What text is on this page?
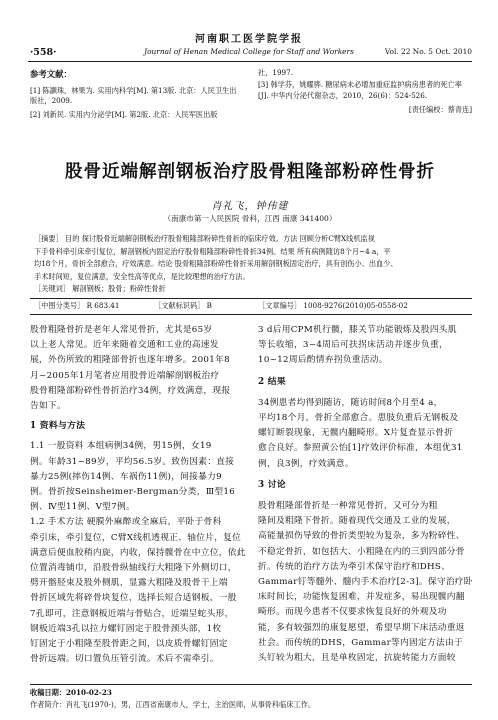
河南职工医学院学报
·558·	Journal of Henan Medical College for Staff and Workers	Vol. 22 No. 5 Oct. 2010
参考文献：
[1] 陈灏珠，林果为. 实用内科学[M]. 第13版. 北京：人民卫生出
版社，2009.
[2] 刘新民. 实用内分泌学[M]. 第2版. 北京：人民军医出版
社，1997.
[3] 韩学芬，姚耀骅. 糖尿病未必增加重症监护病房患者的死亡率
[J]. 中华内分泌代谢杂志，2010，26(6)：524-526.
[责任编校：蔡青连]
股骨近端解剖钢板治疗股骨粗隆部粉碎性骨折
肖礼飞，钟伟建
（南康市第一人民医院 骨科，江西 南康 341400）
［摘要］ 目的 探讨股骨近端解剖钢板治疗股骨粗隆部粉碎性骨折的临床疗效。方法 回顾分析C臂X线机监视
下手骨科牵引床牵引复位，解剖钢板内固定治疗股骨粗隆部粉碎性骨折34例。结果 所有病例随访8个月~4 a，平
均18个月，骨折全部愈合，疗效满意。结论 股骨粗隆部粉碎性骨折采用解剖钢板固定治疗，具有创伤小、出血少、
手术时间短，复位满意，安全性高等优点，是比较理想的治疗方法。
［关键词］ 解剖钢板；股骨；粉碎性骨折
［中图分类号］ R 683.41	［文献标识码］ B	［文章编号］ 1008-9276(2010)05-0558-02
股骨粗隆骨折是老年人常见骨折，尤其是65岁
以上老人常见。近年来随着交通和工业的高速发
展，外伤所致的粗隆部骨折也逐年增多。2001年8
月~2005年1月笔者应用股骨近端解剖钢板治疗
股骨粗隆部粉碎性骨折治疗34例，疗效满意，现报
告如下。
1 资料与方法
1.1 一般资料 本组病例34例，男15例，女19
例。年龄31~89岁，平均56.5岁。致伤因素：直接
暴力25例(摔伤14例、车祸伤11例)，间接暴力9
例。骨折按Seinsheimer-Bergman分类，Ⅲ型16
例、Ⅳ型11例、Ⅴ型7例。
1.2 手术方法 硬膜外麻醉或全麻后，平卧于骨科
牵引床，牵引复位，C臂X线机透视正、轴位片，复位
满意后便血胶稍内旋，内收，保持髋骨在中立位，依此
位置消毒铺巾，沿股骨纵轴线行大粗隆下外侧切口，
劈开髂胫束及股外侧肌，显露大粗隆及股骨干上端
骨折区域先将碎骨块复位，选择长短合适钢板，一般
7孔即可，注意钢板近端与骨贴合，近端呈蛇头形，
钢板近端3孔以拉力螺钉固定于股骨颈头部，1枚
钉固定于小粗隆至股骨距之间，以皮质骨螺钉固定
骨折远端。切口置负压管引流。术后不需牵引。
3 d后用CPM机行髋，膝关节功能锻炼及股四头肌
等长收缩，3~4周后可扶拐床活动并逐步负重，
10~12周后酌情弃拐负重活动。
2 结果
34例患者均得到随访，随访时间8个月至4 a，
平均18个月，骨折全部愈合。患肢负重后无钢板及
螺钉断裂现象，无髋内翻畸形。X片复查显示骨折
愈合良好。参照黄公怡[1]疗效评价标准，本组优31
例，良3例，疗效满意。
3 讨论
股骨粗隆部骨折是一种常见骨折，又可分为粗
隆间及粗隆下骨折。随着现代交通及工业的发展，
高能量损伤导致的骨折类型较为复杂，多为粉碎性、
不稳定骨折，如包括大、小粗隆在内的三到四部分骨
折。传统的治疗方法为牵引术保守治疗和DHS、
Gammar钉等髓外、髓内手术治疗[2-3]。保守治疗卧
床时间长，功能恢复困难，并发症多，易出现髋内翻
畸形。而现今患者不仅要求恢复良好的外观及功
能，多有较强烈的康复愿望，希望早期下床活动重返
社会。而传统的DHS，Gammar等内固定方法由于
头钉较为粗大，且是单枚固定，抗旋转能力方面较
收稿日期：2010-02-23
作者简介：肖礼飞(1970-)，男，江西省南康市人，学士，主治医师，从事骨科临床工作。
